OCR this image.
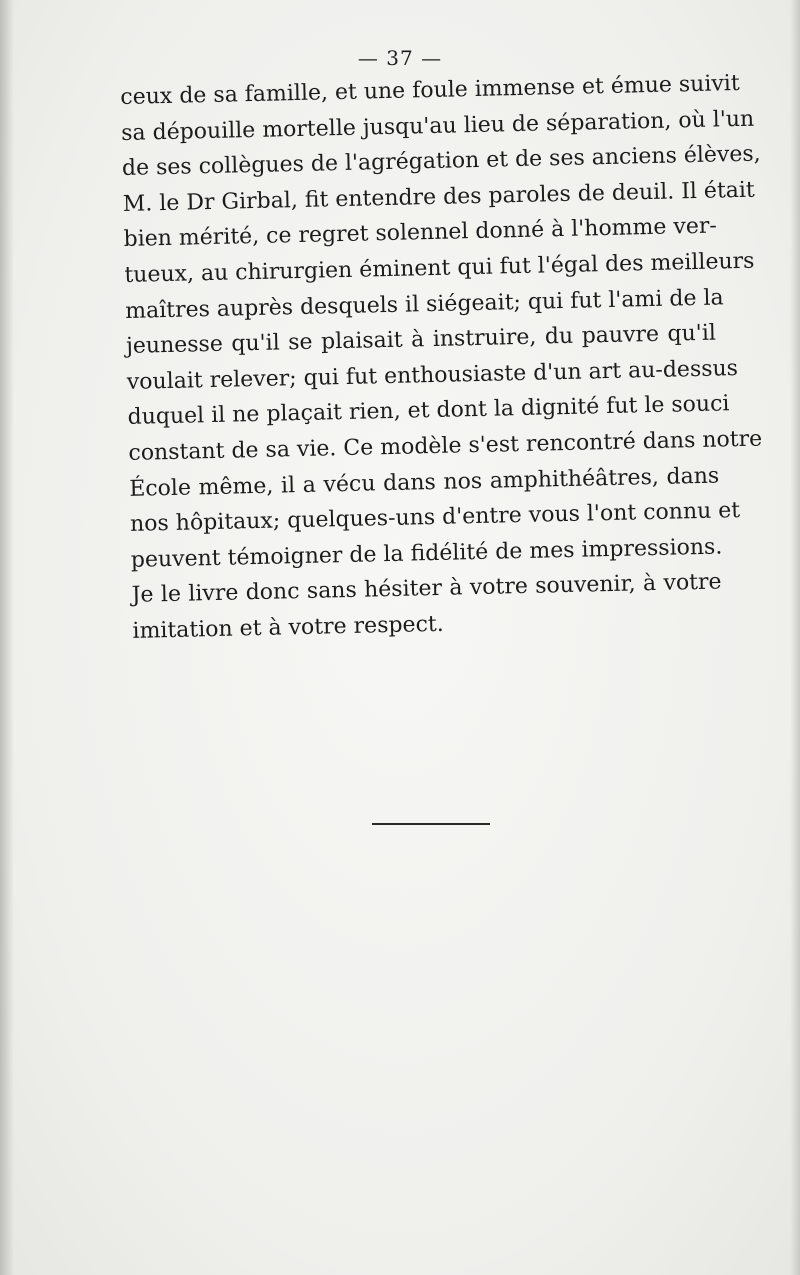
— 37 —
ceux de sa famille, et une foule immense et émue suivit
sa dépouille mortelle jusqu'au lieu de séparation, où l'un
de ses collègues de l'agrégation et de ses anciens élèves,
M. le Dr Girbal, fit entendre des paroles de deuil. Il était
bien mérité, ce regret solennel donné à l'homme ver-
tueux, au chirurgien éminent qui fut l'égal des meilleurs
maîtres auprès desquels il siégeait; qui fut l'ami de la
jeunesse qu'il se plaisait à instruire, du pauvre qu'il
voulait relever; qui fut enthousiaste d'un art au-dessus
duquel il ne plaçait rien, et dont la dignité fut le souci
constant de sa vie. Ce modèle s'est rencontré dans notre
École même, il a vécu dans nos amphithéâtres, dans
nos hôpitaux; quelques-uns d'entre vous l'ont connu et
peuvent témoigner de la fidélité de mes impressions.
Je le livre donc sans hésiter à votre souvenir, à votre
imitation et à votre respect.
